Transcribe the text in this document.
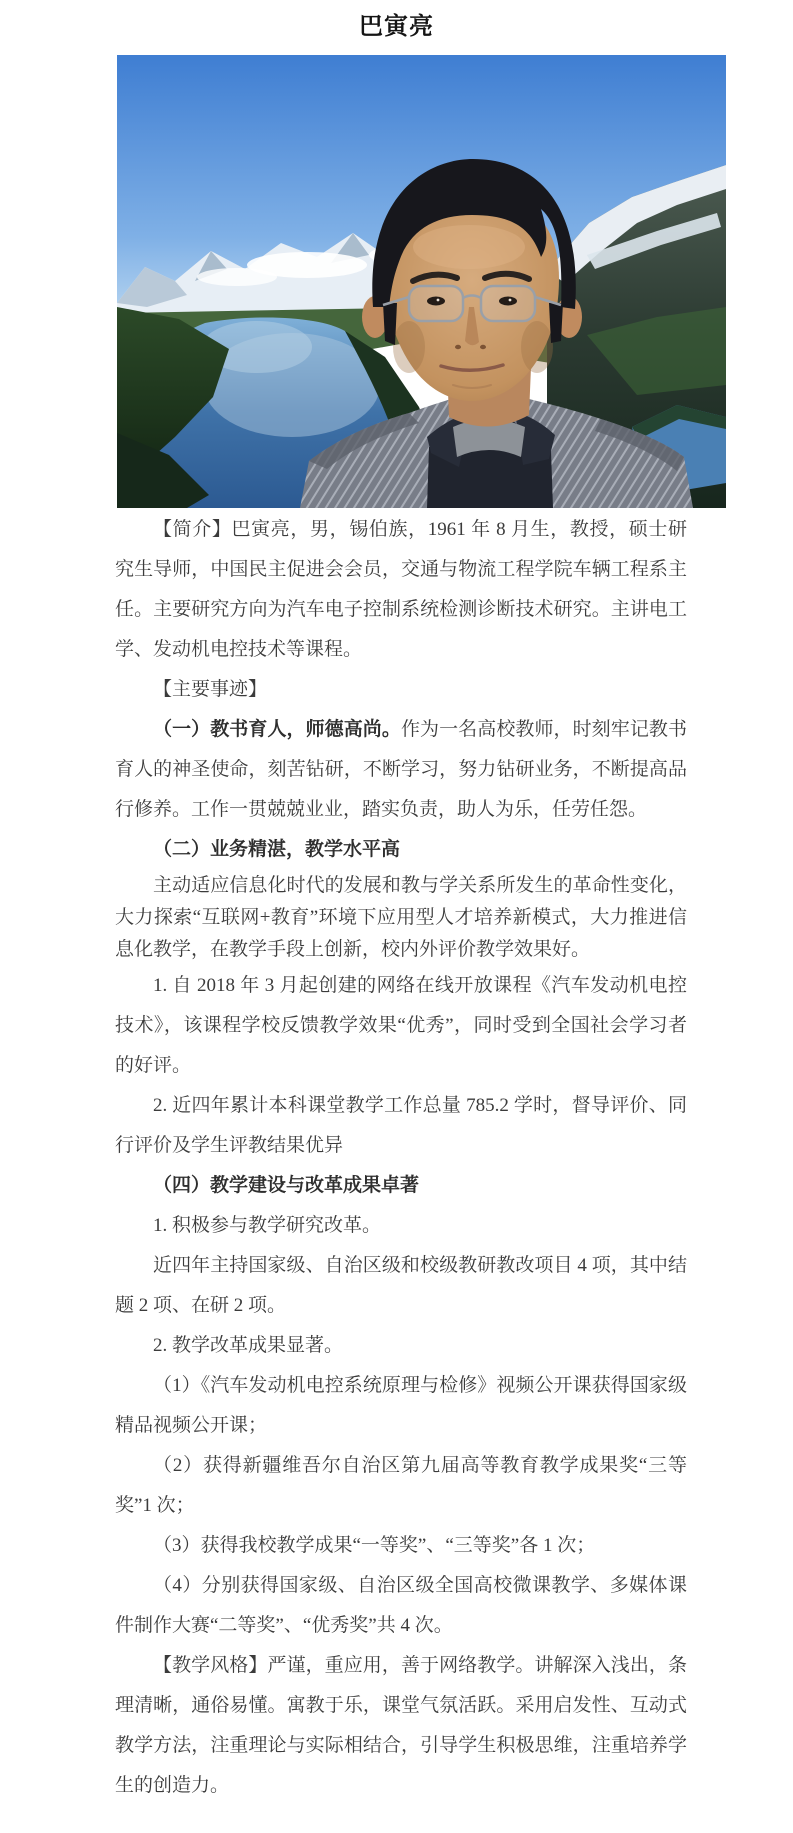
巴寅亮

【简介】巴寅亮，男，锡伯族，1961 年 8 月生，教授，硕士研究生导师，中国民主促进会会员，交通与物流工程学院车辆工程系主任。主要研究方向为汽车电子控制系统检测诊断技术研究。主讲电工学、发动机电控技术等课程。

【主要事迹】

（一）教书育人，师德高尚。作为一名高校教师，时刻牢记教书育人的神圣使命，刻苦钻研，不断学习，努力钻研业务，不断提高品行修养。工作一贯兢兢业业，踏实负责，助人为乐，任劳任怨。

（二）业务精湛，教学水平高

主动适应信息化时代的发展和教与学关系所发生的革命性变化，大力探索“互联网+教育”环境下应用型人才培养新模式，大力推进信息化教学，在教学手段上创新，校内外评价教学效果好。

1. 自 2018 年 3 月起创建的网络在线开放课程《汽车发动机电控技术》，该课程学校反馈教学效果“优秀”，同时受到全国社会学习者的好评。

2. 近四年累计本科课堂教学工作总量 785.2 学时，督导评价、同行评价及学生评教结果优异

（四）教学建设与改革成果卓著

1. 积极参与教学研究改革。

近四年主持国家级、自治区级和校级教研教改项目 4 项，其中结题 2 项、在研 2 项。

2. 教学改革成果显著。

（1）《汽车发动机电控系统原理与检修》视频公开课获得国家级精品视频公开课；

（2）获得新疆维吾尔自治区第九届高等教育教学成果奖“三等奖”1 次；

（3）获得我校教学成果“一等奖”、“三等奖”各 1 次；

（4）分别获得国家级、自治区级全国高校微课教学、多媒体课件制作大赛“二等奖”、“优秀奖”共 4 次。

【教学风格】严谨，重应用，善于网络教学。讲解深入浅出，条理清晰，通俗易懂。寓教于乐，课堂气氛活跃。采用启发性、互动式教学方法，注重理论与实际相结合，引导学生积极思维，注重培养学生的创造力。
